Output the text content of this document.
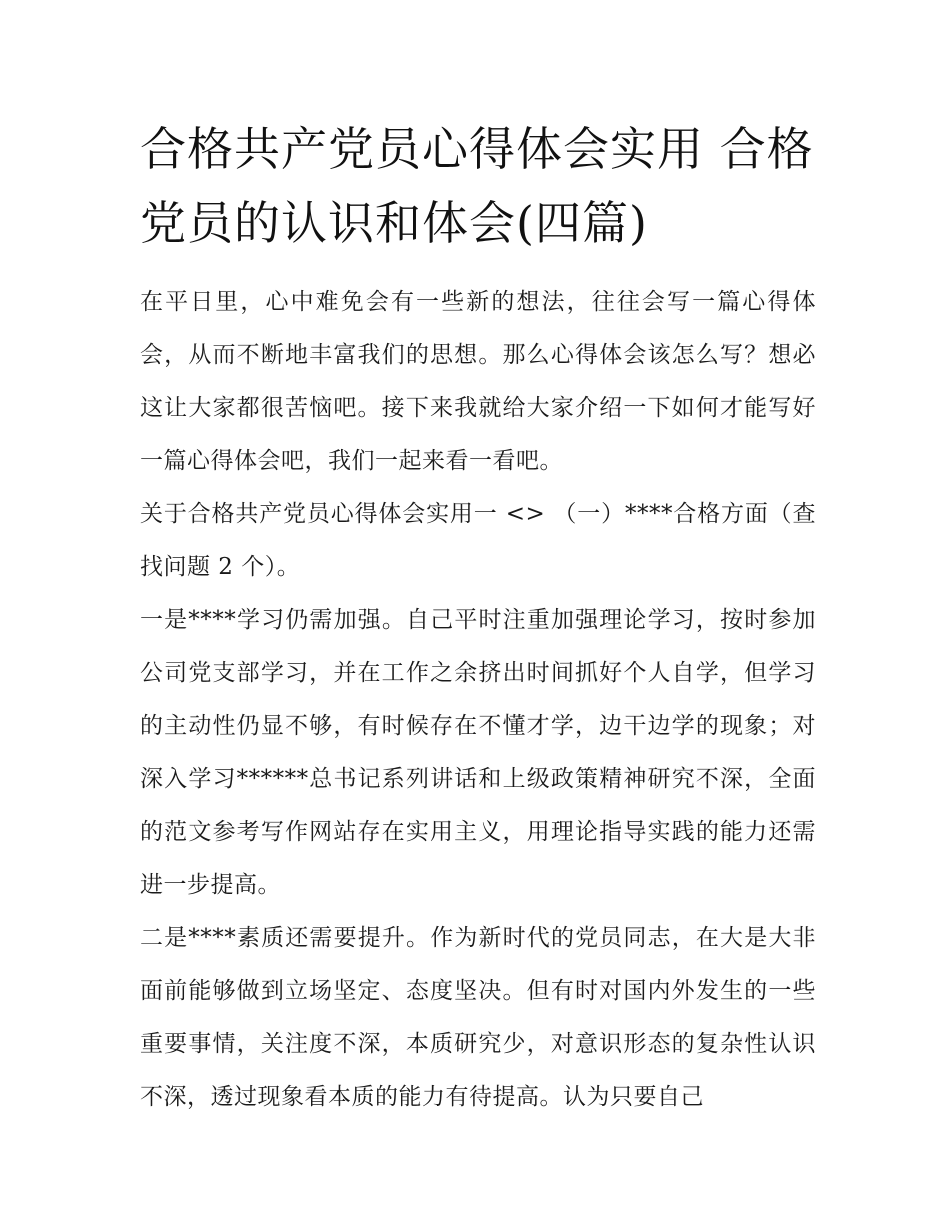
合格共产党员心得体会实用 合格党员的认识和体会(四篇)

在平日里，心中难免会有一些新的想法，往往会写一篇心得体会，从而不断地丰富我们的思想。那么心得体会该怎么写？想必这让大家都很苦恼吧。接下来我就给大家介绍一下如何才能写好一篇心得体会吧，我们一起来看一看吧。

关于合格共产党员心得体会实用一 <> （一）****合格方面（查找问题 2 个）。

一是****学习仍需加强。自己平时注重加强理论学习，按时参加公司党支部学习，并在工作之余挤出时间抓好个人自学，但学习的主动性仍显不够，有时候存在不懂才学，边干边学的现象；对深入学习******总书记系列讲话和上级政策精神研究不深，全面的范文参考写作网站存在实用主义，用理论指导实践的能力还需进一步提高。

二是****素质还需要提升。作为新时代的党员同志，在大是大非面前能够做到立场坚定、态度坚决。但有时对国内外发生的一些重要事情，关注度不深，本质研究少，对意识形态的复杂性认识不深，透过现象看本质的能力有待提高。认为只要自己
